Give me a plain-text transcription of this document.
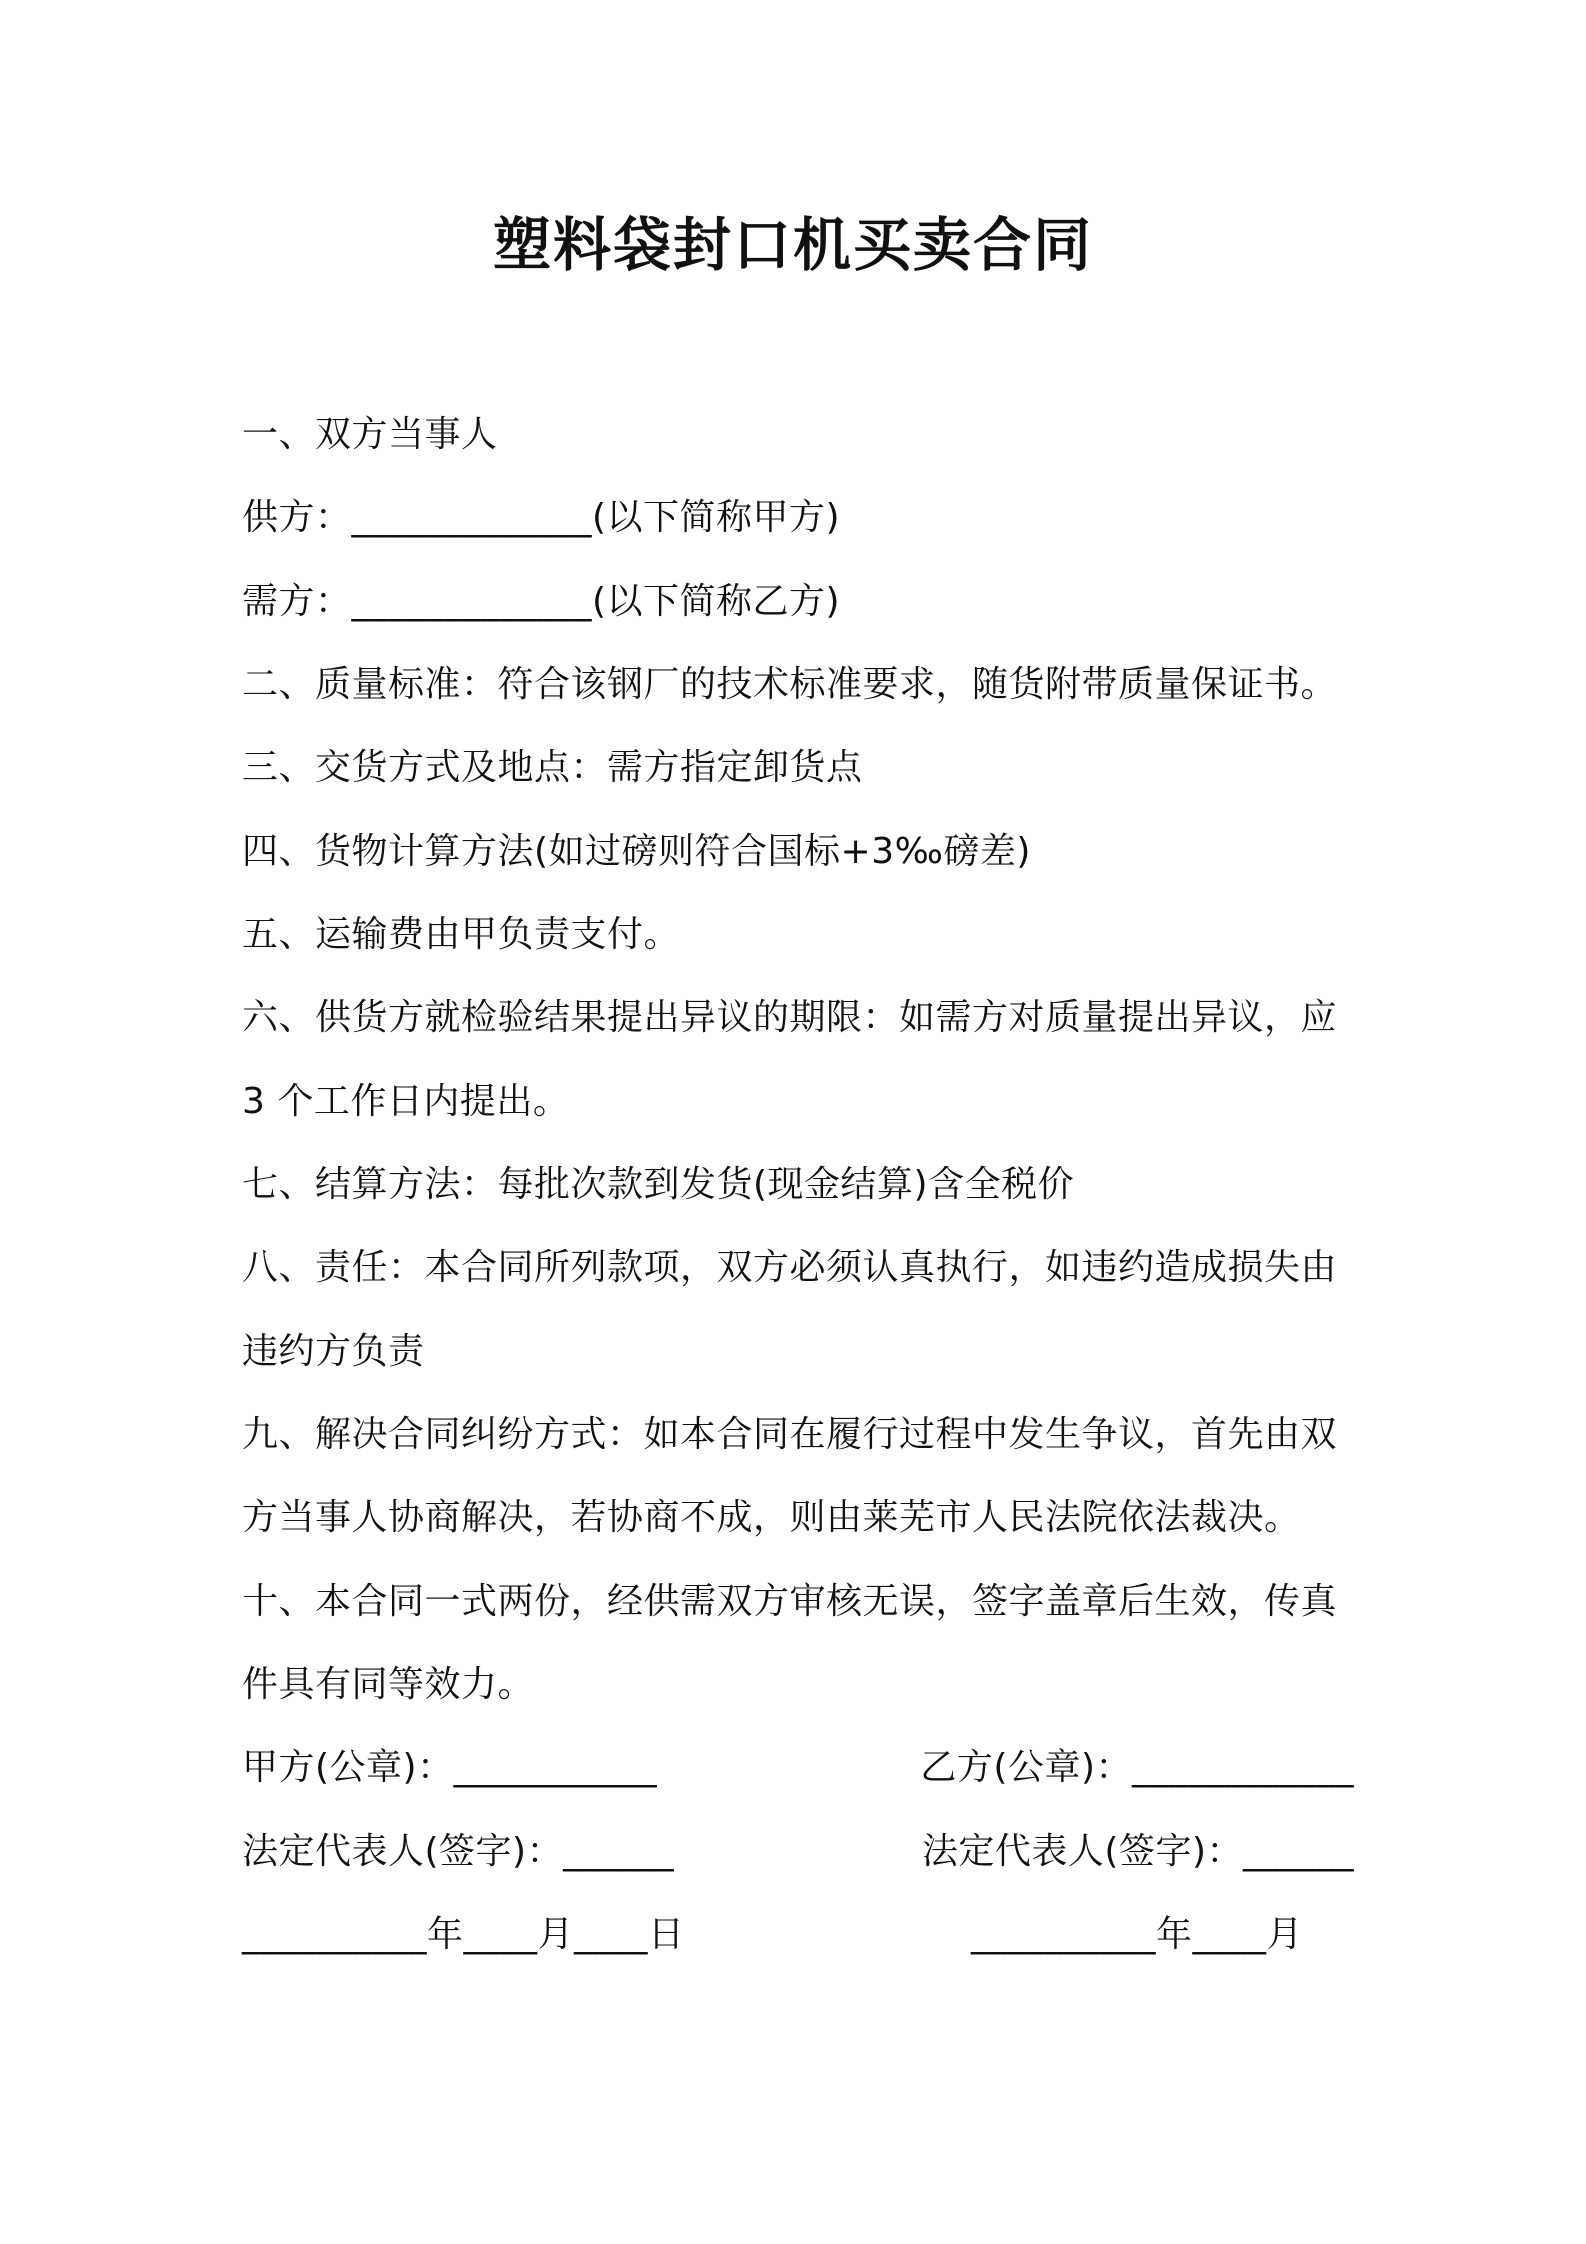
塑料袋封口机买卖合同
一、双方当事人
供方：_____________(以下简称甲方)
需方：_____________(以下简称乙方)
二、质量标准：符合该钢厂的技术标准要求，随货附带质量保证书。
三、交货方式及地点：需方指定卸货点
四、货物计算方法(如过磅则符合国标+3‰磅差)
五、运输费由甲负责支付。
六、供货方就检验结果提出异议的期限：如需方对质量提出异议，应
3 个工作日内提出。
七、结算方法：每批次款到发货(现金结算)含全税价
八、责任：本合同所列款项，双方必须认真执行，如违约造成损失由
违约方负责
九、解决合同纠纷方式：如本合同在履行过程中发生争议，首先由双
方当事人协商解决，若协商不成，则由莱芜市人民法院依法裁决。
十、本合同一式两份，经供需双方审核无误，签字盖章后生效，传真
件具有同等效力。
甲方(公章)：___________	乙方(公章)：____________
法定代表人(签字)：______	法定代表人(签字)：______
__________年____月____日	__________年____月
